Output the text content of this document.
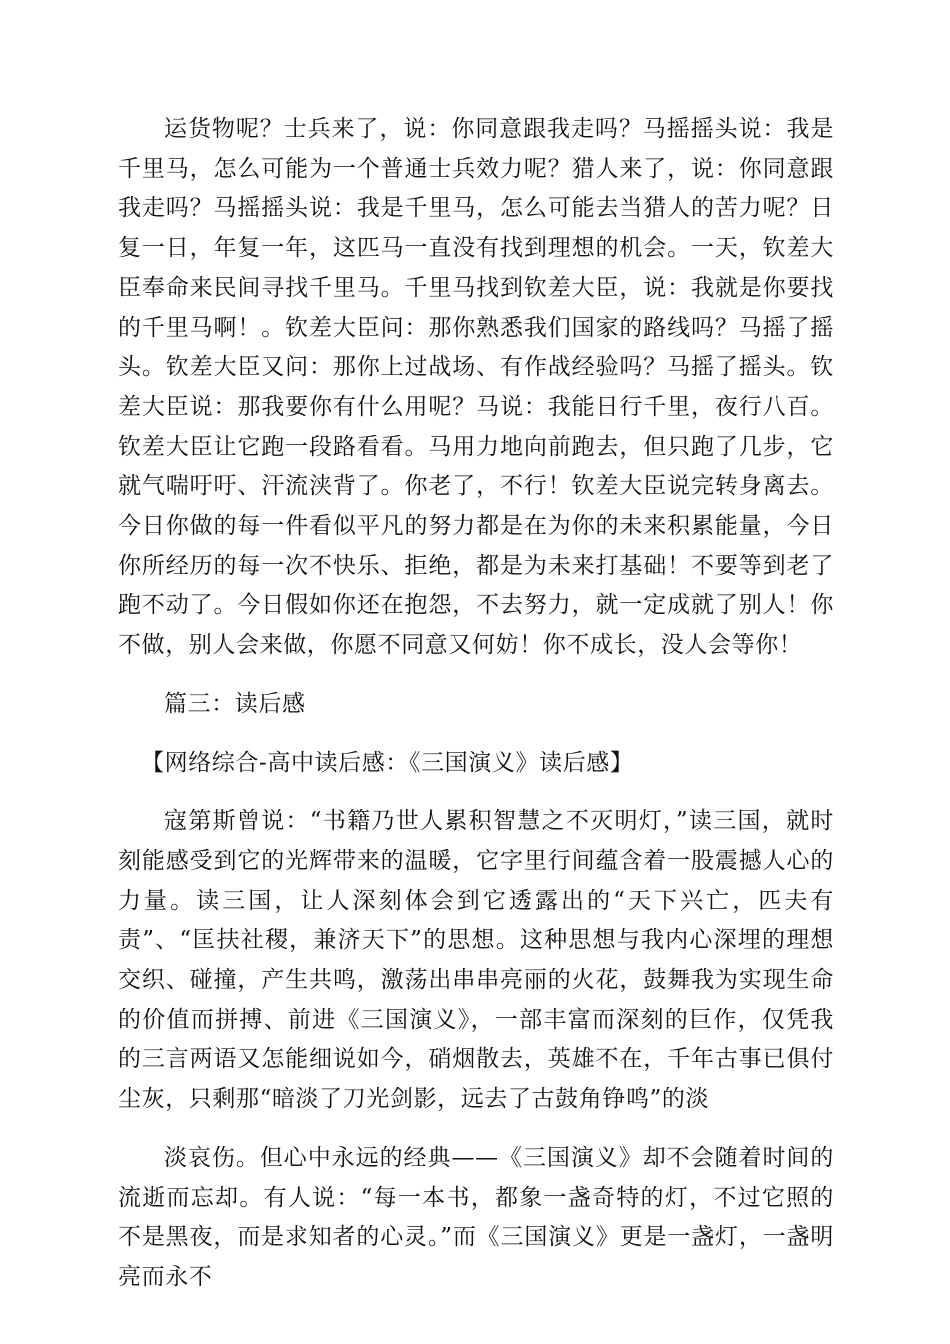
运货物呢？士兵来了，说：你同意跟我走吗？马摇摇头说：我是千里马，怎么可能为一个普通士兵效力呢？猎人来了，说：你同意跟我走吗？马摇摇头说：我是千里马，怎么可能去当猎人的苦力呢？日复一日，年复一年，这匹马一直没有找到理想的机会。一天，钦差大臣奉命来民间寻找千里马。千里马找到钦差大臣，说：我就是你要找的千里马啊！。钦差大臣问：那你熟悉我们国家的路线吗？马摇了摇头。钦差大臣又问：那你上过战场、有作战经验吗？马摇了摇头。钦差大臣说：那我要你有什么用呢？马说：我能日行千里，夜行八百。钦差大臣让它跑一段路看看。马用力地向前跑去，但只跑了几步，它就气喘吁吁、汗流浃背了。你老了，不行！钦差大臣说完转身离去。今日你做的每一件看似平凡的努力都是在为你的未来积累能量，今日你所经历的每一次不快乐、拒绝，都是为未来打基础！不要等到老了跑不动了。今日假如你还在抱怨，不去努力，就一定成就了别人！你不做，别人会来做，你愿不同意又何妨！你不成长，没人会等你！

篇三：读后感

【网络综合-高中读后感：《三国演义》读后感】

寇第斯曾说：“书籍乃世人累积智慧之不灭明灯，”读三国，就时刻能感受到它的光辉带来的温暖，它字里行间蕴含着一股震撼人心的力量。读三国，让人深刻体会到它透露出的“天下兴亡，匹夫有责”、“匡扶社稷，兼济天下”的思想。这种思想与我内心深埋的理想交织、碰撞，产生共鸣，激荡出串串亮丽的火花，鼓舞我为实现生命的价值而拼搏、前进《三国演义》，一部丰富而深刻的巨作，仅凭我的三言两语又怎能细说如今，硝烟散去，英雄不在，千年古事已俱付尘灰，只剩那“暗淡了刀光剑影，远去了古鼓角铮鸣”的淡

淡哀伤。但心中永远的经典——《三国演义》却不会随着时间的流逝而忘却。有人说：“每一本书，都象一盏奇特的灯，不过它照的不是黑夜，而是求知者的心灵。”而《三国演义》更是一盏灯，一盏明亮而永不
